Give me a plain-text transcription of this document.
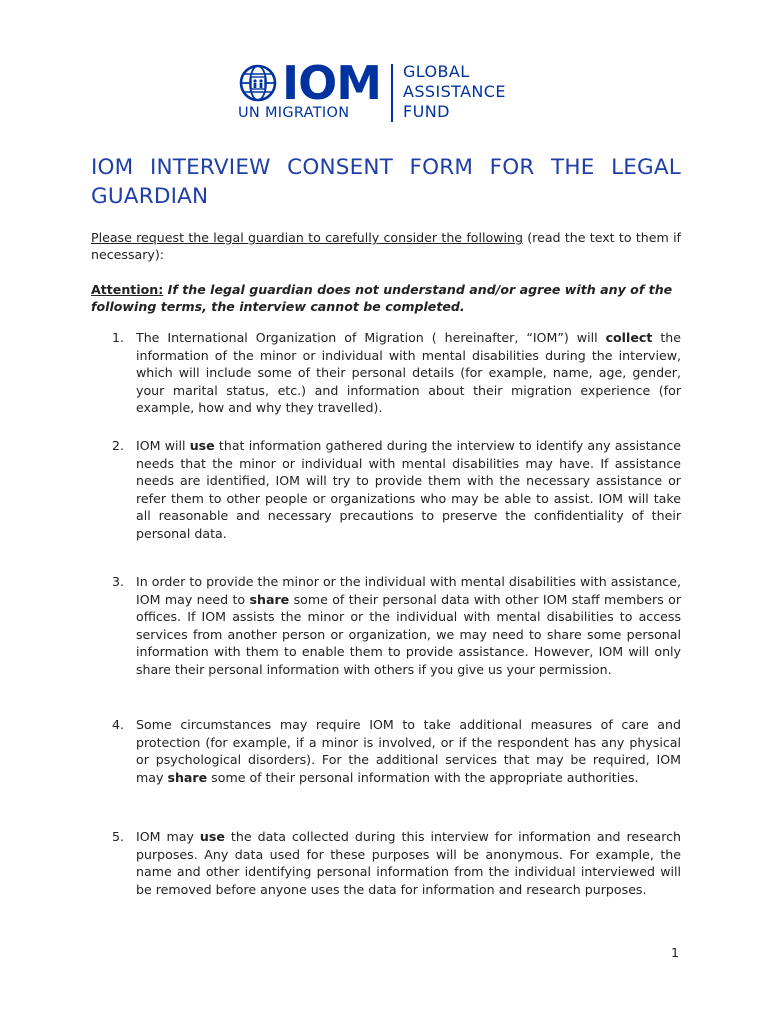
IOM
UN MIGRATION
GLOBAL
ASSISTANCE
FUND
IOM INTERVIEW CONSENT FORM FOR THE LEGAL GUARDIAN

Please request the legal guardian to carefully consider the following (read the text to them if necessary):

Attention: If the legal guardian does not understand and/or agree with any of the following terms, the interview cannot be completed.

1. The International Organization of Migration ( hereinafter, “IOM”) will collect the information of the minor or individual with mental disabilities during the interview, which will include some of their personal details (for example, name, age, gender, your marital status, etc.) and information about their migration experience (for example, how and why they travelled).
2. IOM will use that information gathered during the interview to identify any assistance needs that the minor or individual with mental disabilities may have. If assistance needs are identified, IOM will try to provide them with the necessary assistance or refer them to other people or organizations who may be able to assist. IOM will take all reasonable and necessary precautions to preserve the confidentiality of their personal data.
3. In order to provide the minor or the individual with mental disabilities with assistance, IOM may need to share some of their personal data with other IOM staff members or offices. If IOM assists the minor or the individual with mental disabilities to access services from another person or organization, we may need to share some personal information with them to enable them to provide assistance. However, IOM will only share their personal information with others if you give us your permission.
4. Some circumstances may require IOM to take additional measures of care and protection (for example, if a minor is involved, or if the respondent has any physical or psychological disorders). For the additional services that may be required, IOM may share some of their personal information with the appropriate authorities.
5. IOM may use the data collected during this interview for information and research purposes. Any data used for these purposes will be anonymous. For example, the name and other identifying personal information from the individual interviewed will be removed before anyone uses the data for information and research purposes.
1
